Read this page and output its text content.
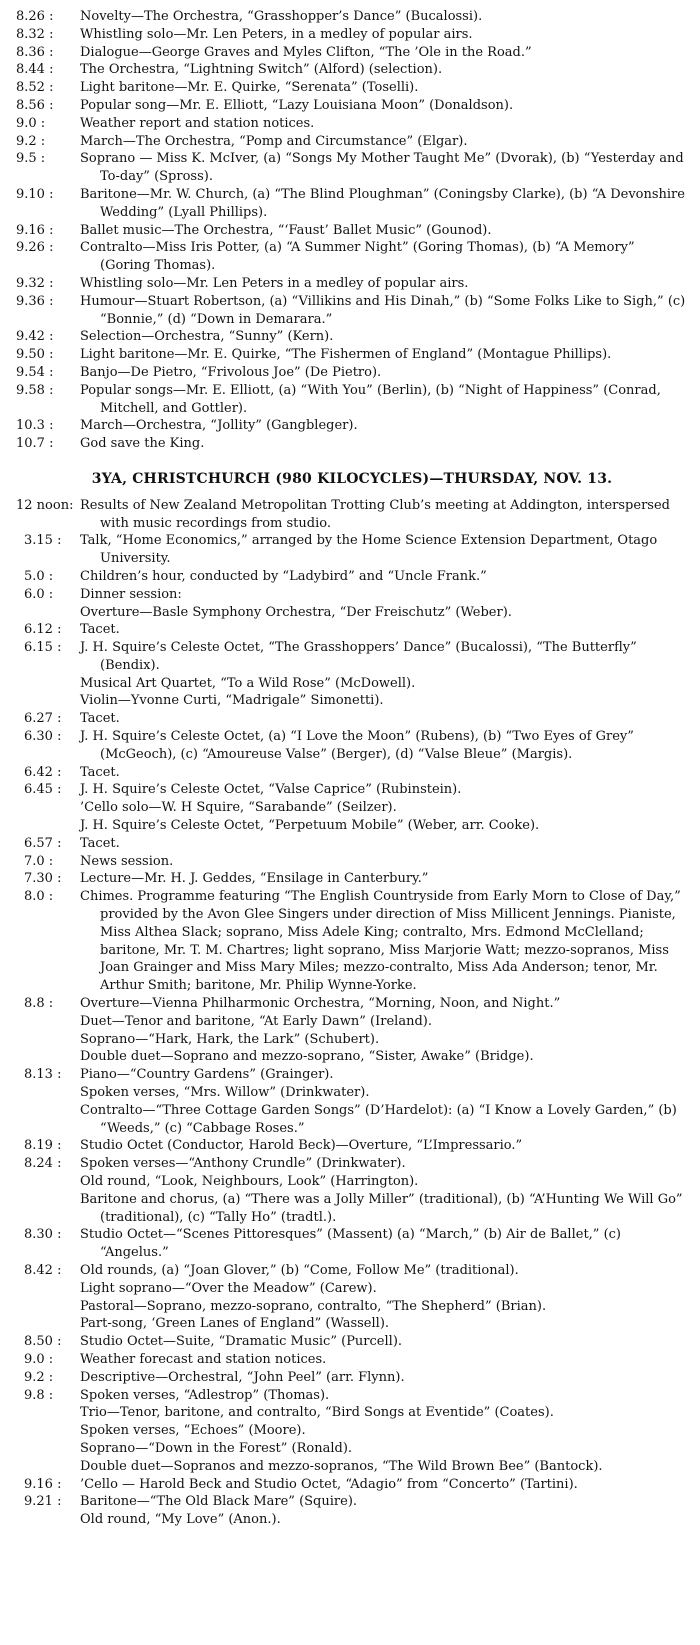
8.26 :	Novelty—The Orchestra, “Grasshopper’s Dance” (Bucalossi).
8.32 :	Whistling solo—Mr. Len Peters, in a medley of popular airs.
8.36 :	Dialogue—George Graves and Myles Clifton, “The ’Ole in the Road.”
8.44 :	The Orchestra, “Lightning Switch” (Alford) (selection).
8.52 :	Light baritone—Mr. E. Quirke, “Serenata” (Toselli).
8.56 :	Popular song—Mr. E. Elliott, “Lazy Louisiana Moon” (Donaldson).
9.0 :	Weather report and station notices.
9.2 :	March—The Orchestra, “Pomp and Circumstance” (Elgar).
9.5 :	Soprano — Miss K. McIver, (a) “Songs My Mother Taught Me” (Dvorak), (b) “Yesterday and To-day” (Spross).
9.10 :	Baritone—Mr. W. Church, (a) “The Blind Ploughman” (Coningsby Clarke), (b) “A Devonshire Wedding” (Lyall Phillips).
9.16 :	Ballet music—The Orchestra, “‘Faust’ Ballet Music” (Gounod).
9.26 :	Contralto—Miss Iris Potter, (a) “A Summer Night” (Goring Thomas), (b) “A Memory” (Goring Thomas).
9.32 :	Whistling solo—Mr. Len Peters in a medley of popular airs.
9.36 :	Humour—Stuart Robertson, (a) “Villikins and His Dinah,” (b) “Some Folks Like to Sigh,” (c) “Bonnie,” (d) “Down in Demarara.”
9.42 :	Selection—Orchestra, “Sunny” (Kern).
9.50 :	Light baritone—Mr. E. Quirke, “The Fishermen of England” (Montague Phillips).
9.54 :	Banjo—De Pietro, “Frivolous Joe” (De Pietro).
9.58 :	Popular songs—Mr. E. Elliott, (a) “With You” (Berlin), (b) “Night of Happiness” (Conrad, Mitchell, and Gottler).
10.3 :	March—Orchestra, “Jollity” (Gangbleger).
10.7 :	God save the King.
3YA, CHRISTCHURCH (980 KILOCYCLES)—THURSDAY, NOV. 13.
12 noon: Results of New Zealand Metropolitan Trotting Club’s meeting at Addington, interspersed with music recordings from studio.
3.15 :	Talk, “Home Economics,” arranged by the Home Science Extension Department, Otago University.
5.0 :	Children’s hour, conducted by “Ladybird” and “Uncle Frank.”
6.0 :	Dinner session:
Overture—Basle Symphony Orchestra, “Der Freischutz” (Weber).
6.12 :	Tacet.
6.15 :	J. H. Squire’s Celeste Octet, “The Grasshoppers’ Dance” (Bucalossi), “The Butterfly” (Bendix).
Musical Art Quartet, “To a Wild Rose” (McDowell).
Violin—Yvonne Curti, “Madrigale” Simonetti).
6.27 :	Tacet.
6.30 :	J. H. Squire’s Celeste Octet, (a) “I Love the Moon” (Rubens), (b) “Two Eyes of Grey” (McGeoch), (c) “Amoureuse Valse” (Berger), (d) “Valse Bleue” (Margis).
6.42 :	Tacet.
6.45 :	J. H. Squire’s Celeste Octet, “Valse Caprice” (Rubinstein).
’Cello solo—W. H Squire, “Sarabande” (Seilzer).
J. H. Squire’s Celeste Octet, “Perpetuum Mobile” (Weber, arr. Cooke).
6.57 :	Tacet.
7.0 :	News session.
7.30 :	Lecture—Mr. H. J. Geddes, “Ensilage in Canterbury.”
8.0 :	Chimes. Programme featuring “The English Countryside from Early Morn to Close of Day,” provided by the Avon Glee Singers under direction of Miss Millicent Jennings. Pianiste, Miss Althea Slack; soprano, Miss Adele King; contralto, Mrs. Edmond McClelland; baritone, Mr. T. M. Chartres; light soprano, Miss Marjorie Watt; mezzo-sopranos, Miss Joan Grainger and Miss Mary Miles; mezzo-contralto, Miss Ada Anderson; tenor, Mr. Arthur Smith; baritone, Mr. Philip Wynne-Yorke.
8.8 :	Overture—Vienna Philharmonic Orchestra, “Morning, Noon, and Night.”
Duet—Tenor and baritone, “At Early Dawn” (Ireland).
Soprano—“Hark, Hark, the Lark” (Schubert).
Double duet—Soprano and mezzo-soprano, “Sister, Awake” (Bridge).
8.13 :	Piano—“Country Gardens” (Grainger).
Spoken verses, “Mrs. Willow” (Drinkwater).
Contralto—“Three Cottage Garden Songs” (D’Hardelot): (a) “I Know a Lovely Garden,” (b) “Weeds,” (c) “Cabbage Roses.”
8.19 :	Studio Octet (Conductor, Harold Beck)—Overture, “L’Impressario.”
8.24 :	Spoken verses—“Anthony Crundle” (Drinkwater).
Old round, “Look, Neighbours, Look” (Harrington).
Baritone and chorus, (a) “There was a Jolly Miller” (traditional), (b) “A’Hunting We Will Go” (traditional), (c) “Tally Ho” (tradtl.).
8.30 :	Studio Octet—“Scenes Pittoresques” (Massent) (a) “March,” (b) Air de Ballet,” (c) “Angelus.”
8.42 :	Old rounds, (a) “Joan Glover,” (b) “Come, Follow Me” (traditional).
Light soprano—“Over the Meadow” (Carew).
Pastoral—Soprano, mezzo-soprano, contralto, “The Shepherd” (Brian).
Part-song, ‘Green Lanes of England” (Wassell).
8.50 :	Studio Octet—Suite, “Dramatic Music” (Purcell).
9.0 :	Weather forecast and station notices.
9.2 :	Descriptive—Orchestral, “John Peel” (arr. Flynn).
9.8 :	Spoken verses, “Adlestrop” (Thomas).
Trio—Tenor, baritone, and contralto, “Bird Songs at Eventide” (Coates).
Spoken verses, “Echoes” (Moore).
Soprano—“Down in the Forest” (Ronald).
Double duet—Sopranos and mezzo-sopranos, “The Wild Brown Bee” (Bantock).
9.16 :	’Cello — Harold Beck and Studio Octet, “Adagio” from “Concerto” (Tartini).
9.21 :	Baritone—“The Old Black Mare” (Squire).
Old round, “My Love” (Anon.).
